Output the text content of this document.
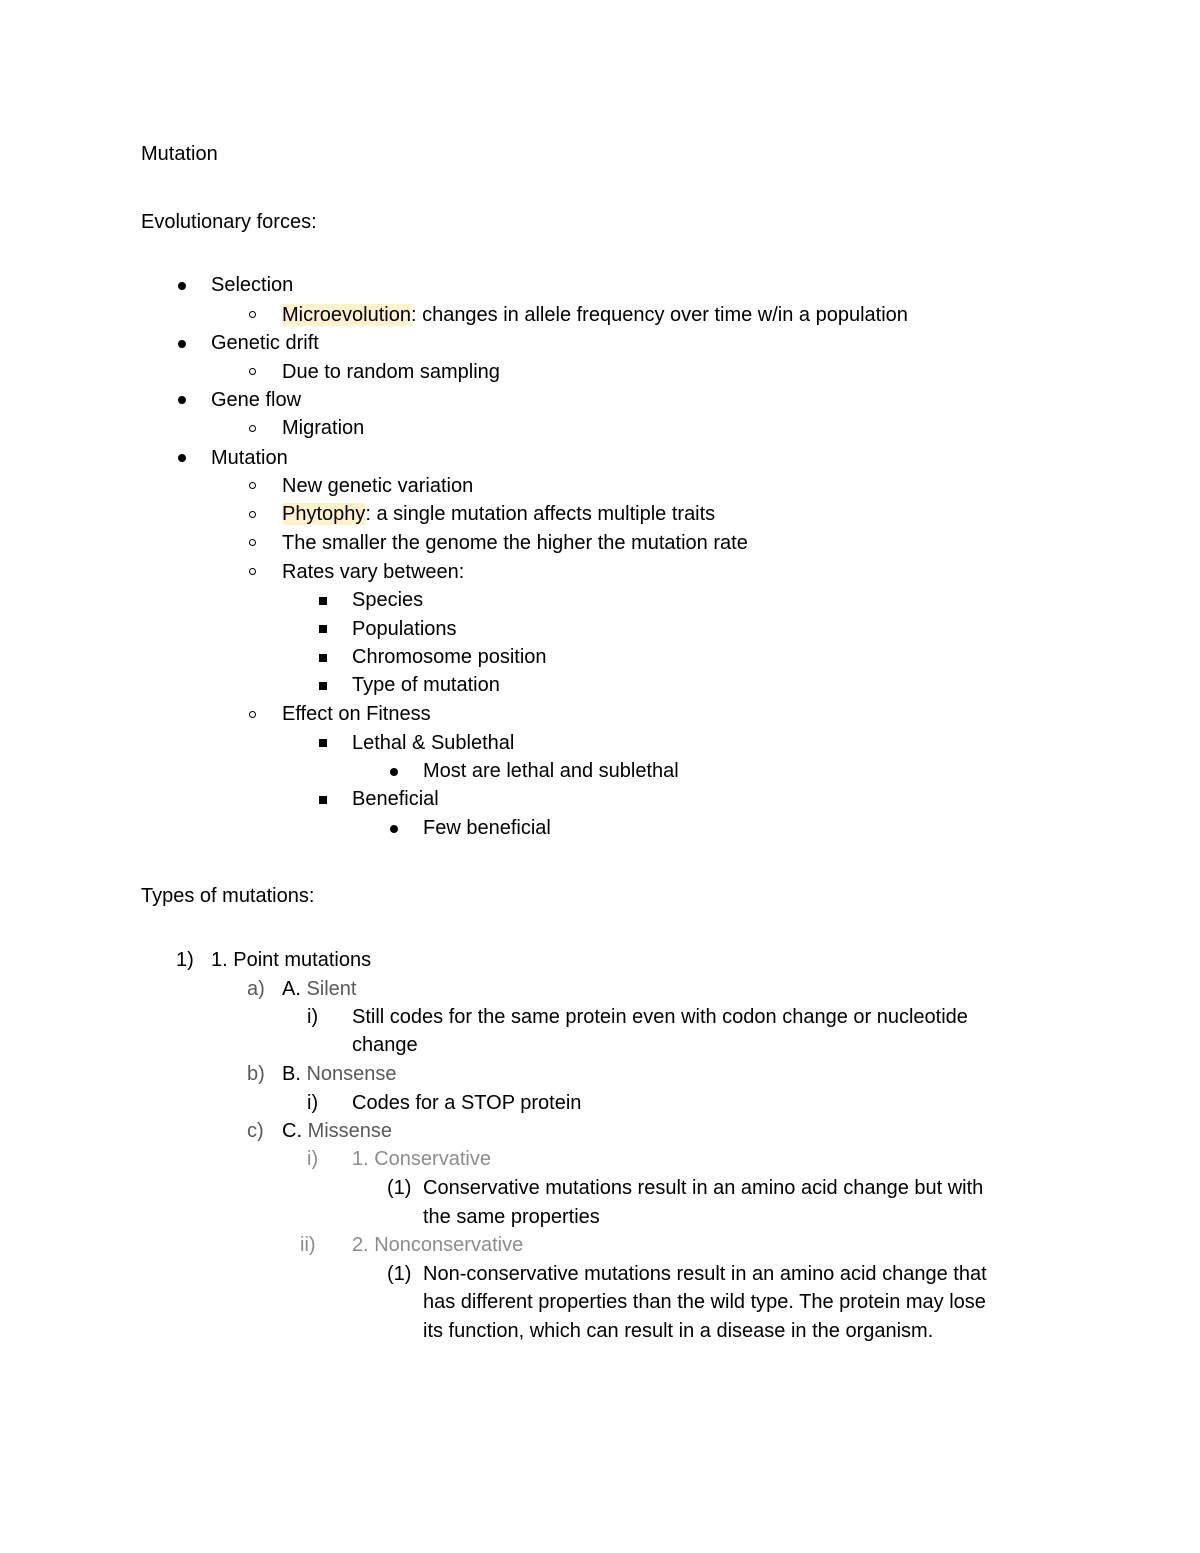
Mutation
Evolutionary forces:
Selection
Microevolution: changes in allele frequency over time w/in a population
Genetic drift
Due to random sampling
Gene flow
Migration
Mutation
New genetic variation
Phytophy: a single mutation affects multiple traits
The smaller the genome the higher the mutation rate
Rates vary between:
Species
Populations
Chromosome position
Type of mutation
Effect on Fitness
Lethal & Sublethal
Most are lethal and sublethal
Beneficial
Few beneficial
Types of mutations:
1) 1. Point mutations
a) A. Silent
i) Still codes for the same protein even with codon change or nucleotide
change
b) B. Nonsense
i) Codes for a STOP protein
c) C. Missense
i) 1. Conservative
(1) Conservative mutations result in an amino acid change but with
the same properties
ii) 2. Nonconservative
(1) Non-conservative mutations result in an amino acid change that
has different properties than the wild type. The protein may lose
its function, which can result in a disease in the organism.
